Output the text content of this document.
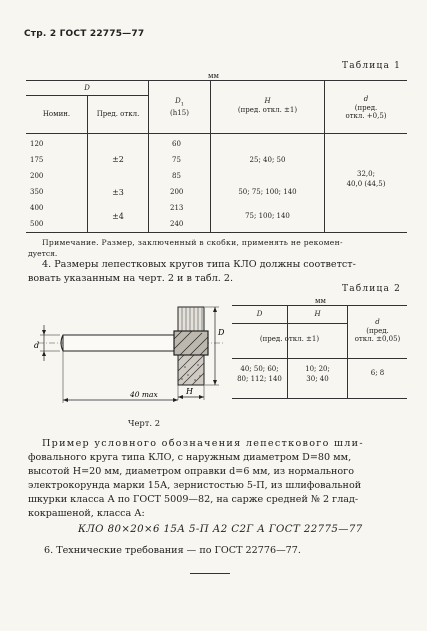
Стр. 2 ГОСТ 22775—77
Таблица 1
мм
D
Номин.	Пред. откл.
$D_1$
(h15)
H
(пред. откл. ±1)
d
(пред.
откл. +0,5)
120
175
200
350
400
500
±2
±3
±4
60
75
85
200
213
240
25; 40; 50
50; 75; 100; 140
75; 100; 140
32,0;
40,0 (44,5)
Примечание. Размер, заключенный в скобки, применять не рекомен-
дуется.
4. Размеры лепестковых кругов типа КЛО должны соответст-
вовать указанным на черт. 2 и в табл. 2.
d
D
H
40 max
Черт. 2
Таблица 2
мм
D	H
(пред. откл. ±1)
d
(пред.
откл. ±0,05)
40; 50; 60;
80; 112; 140
10; 20;
30; 40
6; 8
Пример условного обозначения лепесткового шли-
фовального круга типа КЛО, с наружным диаметром D=80 мм,
высотой H=20 мм, диаметром оправки d=6 мм, из нормального
электрокорунда марки 15А, зернистостью 5-П, из шлифовальной
шкурки класса А по ГОСТ 5009—82, на саржe средней № 2 глад-
кокрашеной, класса А:
КЛО 80×20×6 15А 5-П А2 С2Г А ГОСТ 22775—77
6. Технические требования — по ГОСТ 22776—77.
